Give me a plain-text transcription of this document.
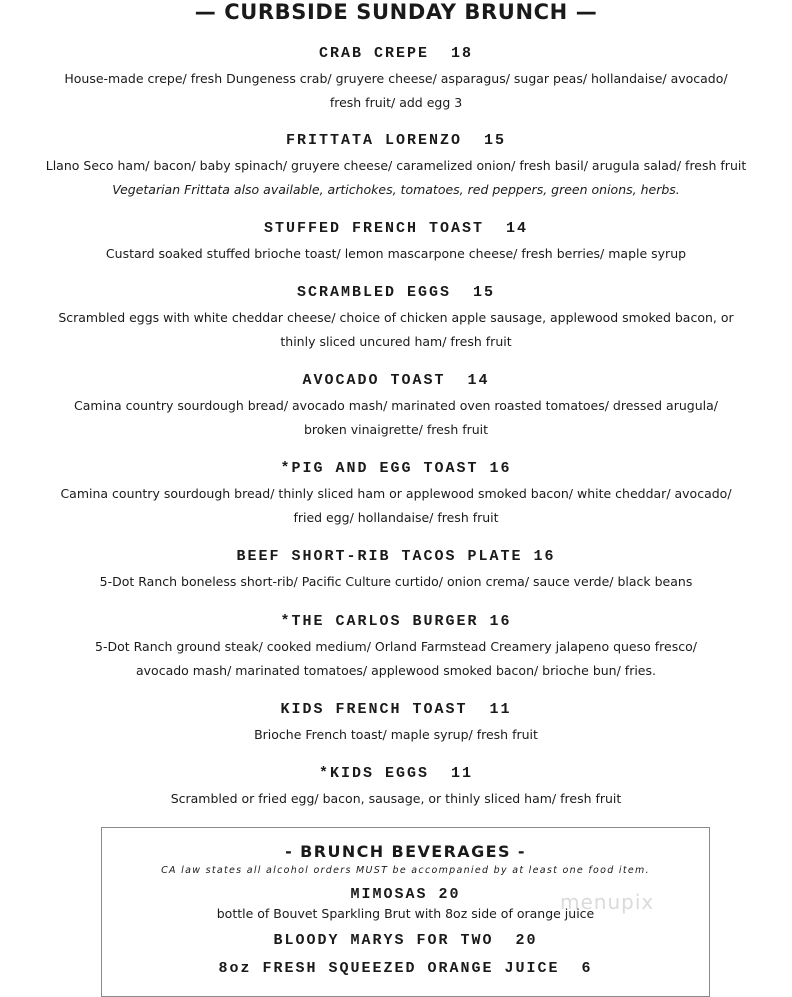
— CURBSIDE SUNDAY BRUNCH —
CRAB CREPE  18
House-made crepe/ fresh Dungeness crab/ gruyere cheese/ asparagus/ sugar peas/ hollandaise/ avocado/
fresh fruit/ add egg 3
FRITTATA LORENZO  15
Llano Seco ham/ bacon/ baby spinach/ gruyere cheese/ caramelized onion/ fresh basil/ arugula salad/ fresh fruit
Vegetarian Frittata also available, artichokes, tomatoes, red peppers, green onions, herbs.
STUFFED FRENCH TOAST  14
Custard soaked stuffed brioche toast/ lemon mascarpone cheese/ fresh berries/ maple syrup
SCRAMBLED EGGS  15
Scrambled eggs with white cheddar cheese/ choice of chicken apple sausage, applewood smoked bacon, or
thinly sliced uncured ham/ fresh fruit
AVOCADO TOAST  14
Camina country sourdough bread/ avocado mash/ marinated oven roasted tomatoes/ dressed arugula/
broken vinaigrette/ fresh fruit
*PIG AND EGG TOAST 16
Camina country sourdough bread/ thinly sliced ham or applewood smoked bacon/ white cheddar/ avocado/
fried egg/ hollandaise/ fresh fruit
BEEF SHORT-RIB TACOS PLATE 16
5-Dot Ranch boneless short-rib/ Pacific Culture curtido/ onion crema/ sauce verde/ black beans
*THE CARLOS BURGER 16
5-Dot Ranch ground steak/ cooked medium/ Orland Farmstead Creamery jalapeno queso fresco/
avocado mash/ marinated tomatoes/ applewood smoked bacon/ brioche bun/ fries.
KIDS FRENCH TOAST  11
Brioche French toast/ maple syrup/ fresh fruit
*KIDS EGGS  11
Scrambled or fried egg/ bacon, sausage, or thinly sliced ham/ fresh fruit
- BRUNCH BEVERAGES -
CA law states all alcohol orders MUST be accompanied by at least one food item.
MIMOSAS 20
bottle of Bouvet Sparkling Brut with 8oz side of orange juice
BLOODY MARYS FOR TWO  20
8oz FRESH SQUEEZED ORANGE JUICE  6
menupix
